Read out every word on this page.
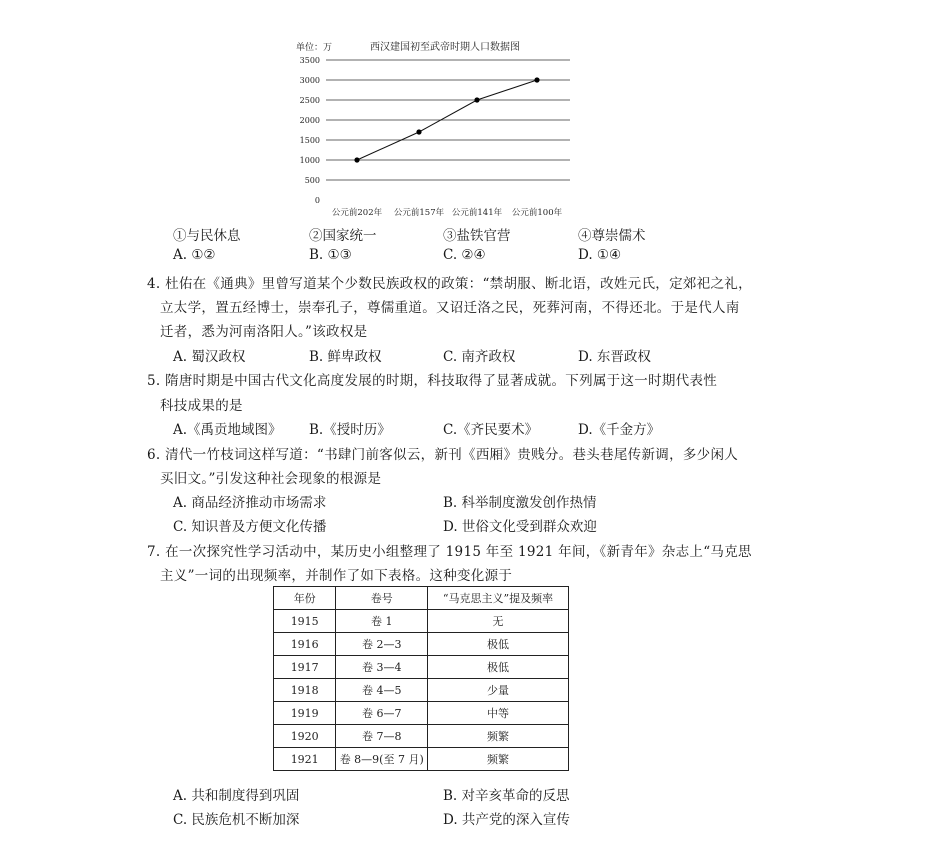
单位：万	西汉建国初至武帝时期人口数据图
0
500
1000
1500
2000
2500
3000
3500
公元前202年 公元前157年 公元前141年 公元前100年
①与民休息	②国家统一	③盐铁官营	④尊崇儒术
A. ①②	B. ①③	C. ②④	D. ①④
4. 杜佑在《通典》里曾写道某个少数民族政权的政策：“禁胡服、断北语，改姓元氏，定郊祀之礼，
立太学，置五经博士，崇奉孔子，尊儒重道。又诏迁洛之民，死葬河南，不得还北。于是代人南
迁者，悉为河南洛阳人。”该政权是
A. 蜀汉政权	B. 鲜卑政权	C. 南齐政权	D. 东晋政权
5. 隋唐时期是中国古代文化高度发展的时期，科技取得了显著成就。下列属于这一时期代表性
科技成果的是
A.《禹贡地域图》 B.《授时历》	C.《齐民要术》	D.《千金方》
6. 清代一竹枝词这样写道：“书肆门前客似云，新刊《西厢》贵贱分。巷头巷尾传新调，多少闲人
买旧文。”引发这种社会现象的根源是
A. 商品经济推动市场需求	B. 科举制度激发创作热情
C. 知识普及方便文化传播	D. 世俗文化受到群众欢迎
7. 在一次探究性学习活动中，某历史小组整理了 1915 年至 1921 年间，《新青年》杂志上“马克思
主义”一词的出现频率，并制作了如下表格。这种变化源于
年份	卷号	“马克思主义”提及频率
1915	卷 1	无
1916	卷 2—3	极低
1917	卷 3—4	极低
1918	卷 4—5	少量
1919	卷 6—7	中等
1920	卷 7—8	频繁
1921	卷 8—9(至 7 月)	频繁
A. 共和制度得到巩固	B. 对辛亥革命的反思
C. 民族危机不断加深	D. 共产党的深入宣传
